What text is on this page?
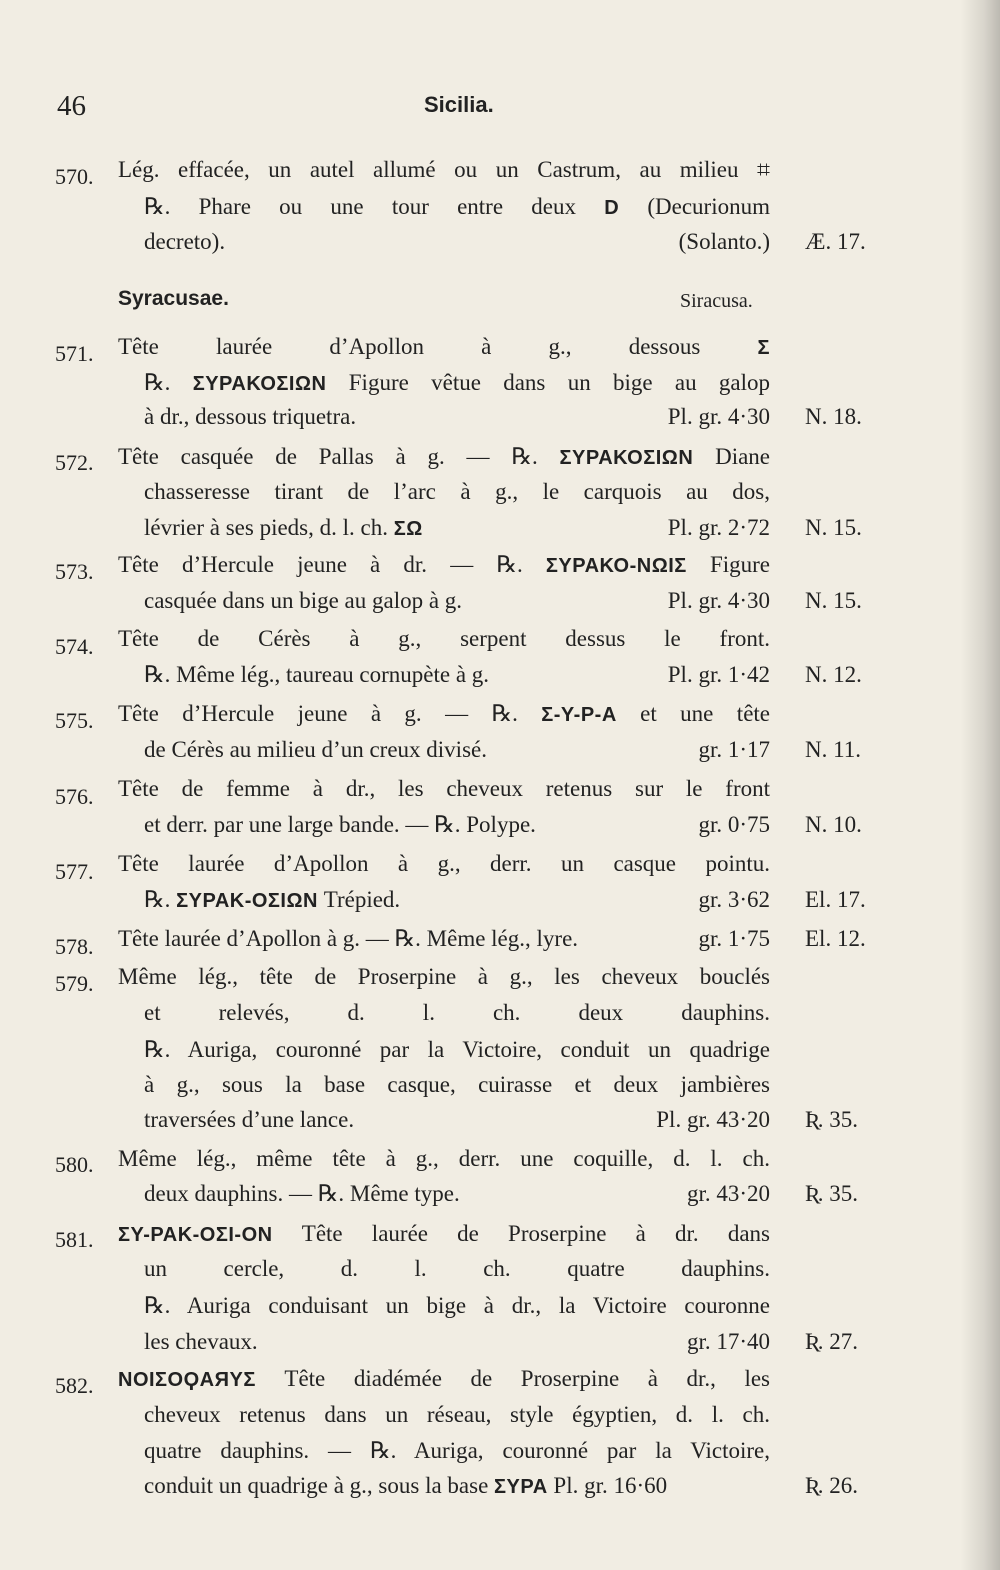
46	Sicilia.
Syracusae.	Siracusa.
570. Lég. effacée, un autel allumé ou un Castrum, au milieu ⌗
℞. Phare ou une tour entre deux D (Decurionum
decreto).	(Solanto.) Æ. 17.
571. Tête laurée d’Apollon à g., dessous Σ
℞. ΣΥΡΑΚΟΣΙΩΝ Figure vêtue dans un bige au galop
à dr., dessous triquetra.	Pl. gr. 4·30 Ν. 18.
572. Tête casquée de Pallas à g. — ℞. ΣΥΡΑΚΟΣΙΩΝ Diane
chasseresse tirant de l’arc à g., le carquois au dos,
lévrier à ses pieds, d. l. ch. ΣΩ	Pl. gr. 2·72 Ν. 15.
573. Tête d’Hercule jeune à dr. — ℞. ΣΥΡΑΚΟ-ΝΩΙΣ Figure
casquée dans un bige au galop à g.	Pl. gr. 4·30 Ν. 15.
574. Tête de Cérès à g., serpent dessus le front.
℞. Même lég., taureau cornupète à g.	Pl. gr. 1·42 Ν. 12.
575. Tête d’Hercule jeune à g. — ℞. Σ-Υ-Ρ-Α et une tête
de Cérès au milieu d’un creux divisé.	gr. 1·17 Ν. 11.
576. Tête de femme à dr., les cheveux retenus sur le front
et derr. par une large bande. — ℞. Polype.	gr. 0·75 Ν. 10.
577. Tête laurée d’Apollon à g., derr. un casque pointu.
℞. ΣΥΡΑΚ-ΟΣΙΩΝ Trépied.	gr. 3·62 El. 17.
578. Tête laurée d’Apollon à g. — ℞. Même lég., lyre.	gr. 1·75 El. 12.
579. Même lég., tête de Proserpine à g., les cheveux bouclés
et relevés, d. l. ch. deux dauphins.
℞. Auriga, couronné par la Victoire, conduit un quadrige
à g., sous la base casque, cuirasse et deux jambières
traversées d’une lance.	Pl. gr. 43·20 Ʀ. 35.
580. Même lég., même tête à g., derr. une coquille, d. l. ch.
deux dauphins. — ℞. Même type.	gr. 43·20 Ʀ. 35.
581. ΣΥ-ΡΑΚ-ΟΣΙ-ΟΝ Tête laurée de Proserpine à dr. dans
un cercle, d. l. ch. quatre dauphins.
℞. Auriga conduisant un bige à dr., la Victoire couronne
les chevaux.	gr. 17·40 Ʀ. 27.
582. ΝΟΙΣΟϘΑЯΥΣ Tête diadémée de Proserpine à dr., les
cheveux retenus dans un réseau, style égyptien, d. l. ch.
quatre dauphins. — ℞. Auriga, couronné par la Victoire,
conduit un quadrige à g., sous la base ΣΥΡΑ Pl. gr. 16·60	Ʀ. 26.
